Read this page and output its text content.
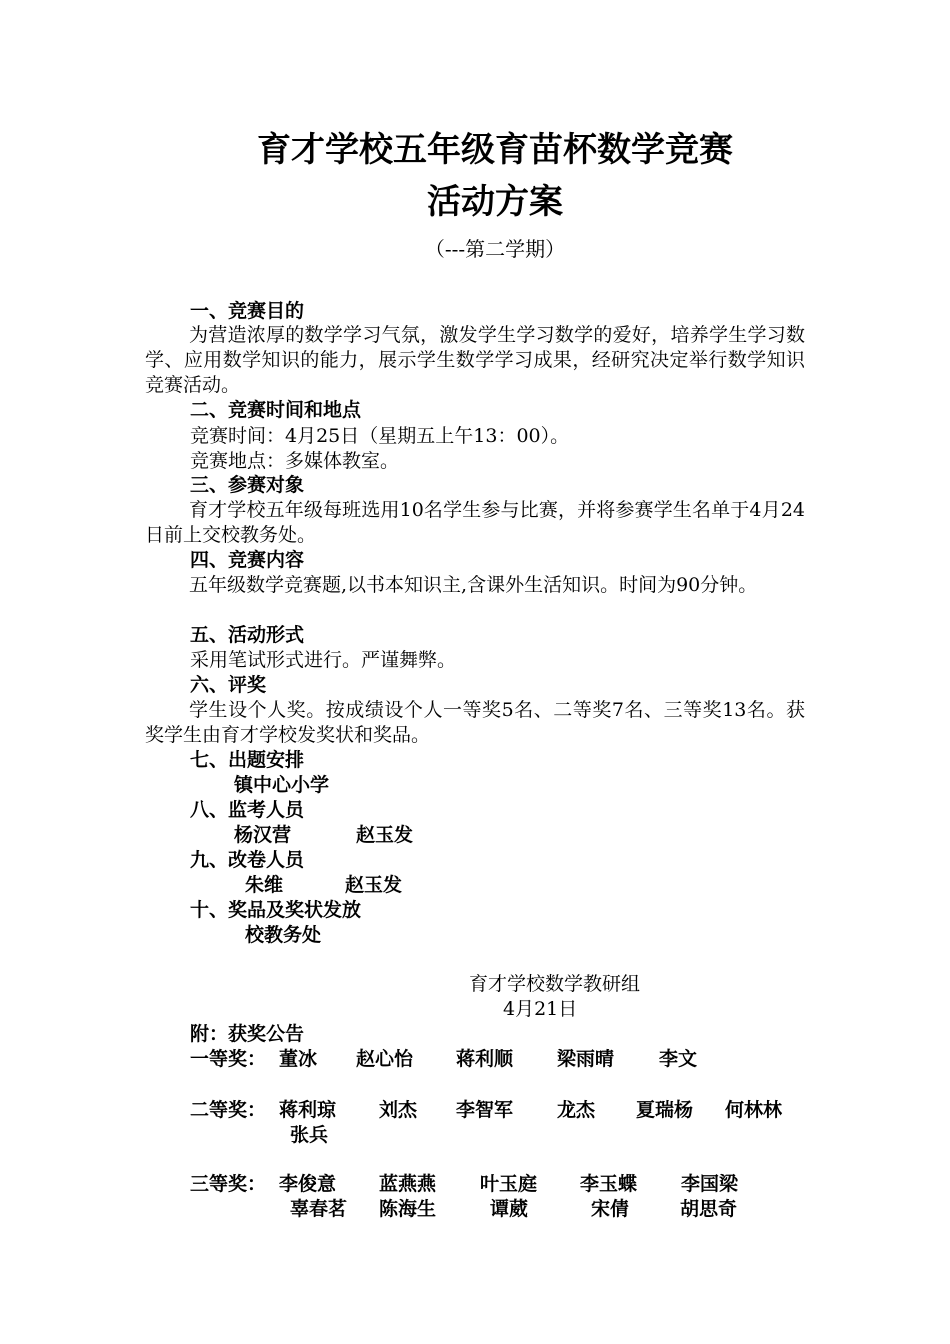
育才学校五年级育苗杯数学竞赛
活动方案
（---第二学期）
一、竞赛目的
为营造浓厚的数学学习气氛，激发学生学习数学的爱好，培养学生学习数学、应用数学知识的能力，展示学生数学学习成果，经研究决定举行数学知识竞赛活动。
二、竞赛时间和地点
竞赛时间：4月25日（星期五上午13：00）。
竞赛地点：多媒体教室。
三、参赛对象
育才学校五年级每班选用10名学生参与比赛，并将参赛学生名单于4月24日前上交校教务处。
四、竞赛内容
五年级数学竞赛题,以书本知识主,含课外生活知识。时间为90分钟。
五、活动形式
采用笔试形式进行。严谨舞弊。
六、评奖
学生设个人奖。按成绩设个人一等奖5名、二等奖7名、三等奖13名。获奖学生由育才学校发奖状和奖品。
七、出题安排
镇中心小学
八、监考人员
杨汉营	赵玉发
九、改卷人员
朱维	赵玉发
十、奖品及奖状发放
校教务处
育才学校数学教研组
4月21日
附：获奖公告
一等奖： 董冰 赵心怡 蒋利顺 梁雨晴 李文
二等奖： 蒋利琼 刘杰 李智军 龙杰 夏瑞杨 何林林
张兵
三等奖： 李俊意 蓝燕燕 叶玉庭 李玉蝶 李国梁
辜春茗 陈海生	谭葳	宋倩	胡思奇
